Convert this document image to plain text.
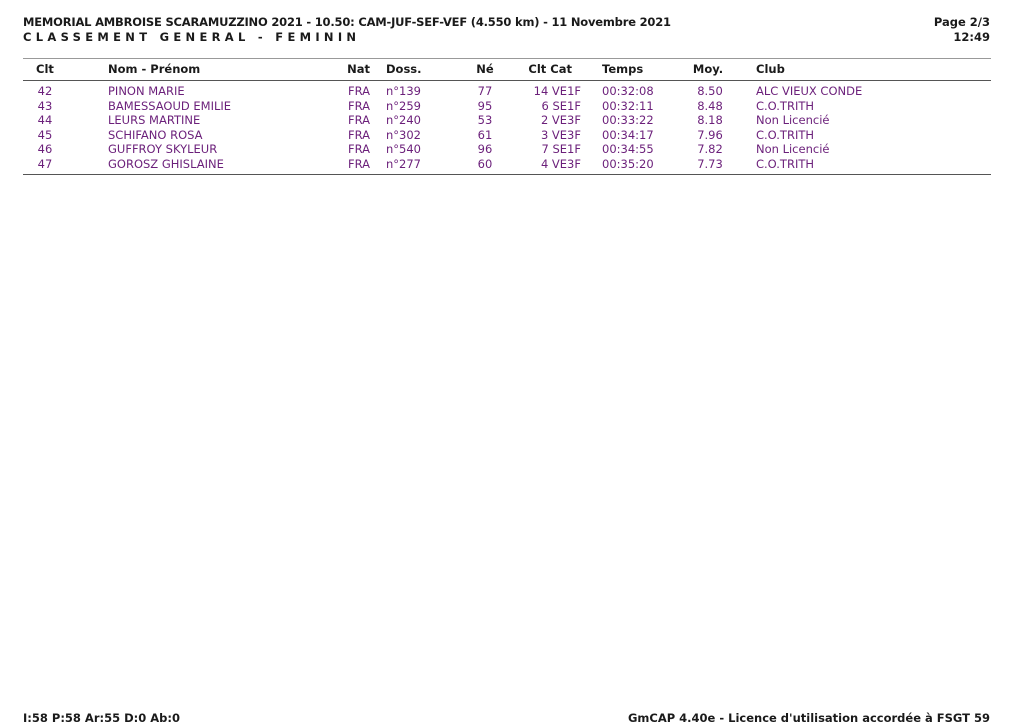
MEMORIAL AMBROISE SCARAMUZZINO 2021 - 10.50: CAM-JUF-SEF-VEF (4.550 km) - 11 Novembre 2021
CLASSEMENT GENERAL - FEMININ
Page 2/3
12:49
Clt	Nom - Prénom	Nat Doss.	Né	Clt Cat	Temps	Moy.	Club
42	PINON MARIE	FRA n°139	77	14 VE1F 00:32:08	8.50	ALC VIEUX CONDE
43	BAMESSAOUD EMILIE	FRA n°259	95	6 SE1F 00:32:11	8.48	C.O.TRITH
44	LEURS MARTINE	FRA n°240	53	2 VE3F 00:33:22	8.18	Non Licencié
45	SCHIFANO ROSA	FRA n°302	61	3 VE3F 00:34:17	7.96	C.O.TRITH
46	GUFFROY SKYLEUR	FRA n°540	96	7 SE1F 00:34:55	7.82	Non Licencié
47	GOROSZ GHISLAINE	FRA n°277	60	4 VE3F 00:35:20	7.73	C.O.TRITH
I:58 P:58 Ar:55 D:0 Ab:0	GmCAP 4.40e - Licence d'utilisation accordée à FSGT 59
